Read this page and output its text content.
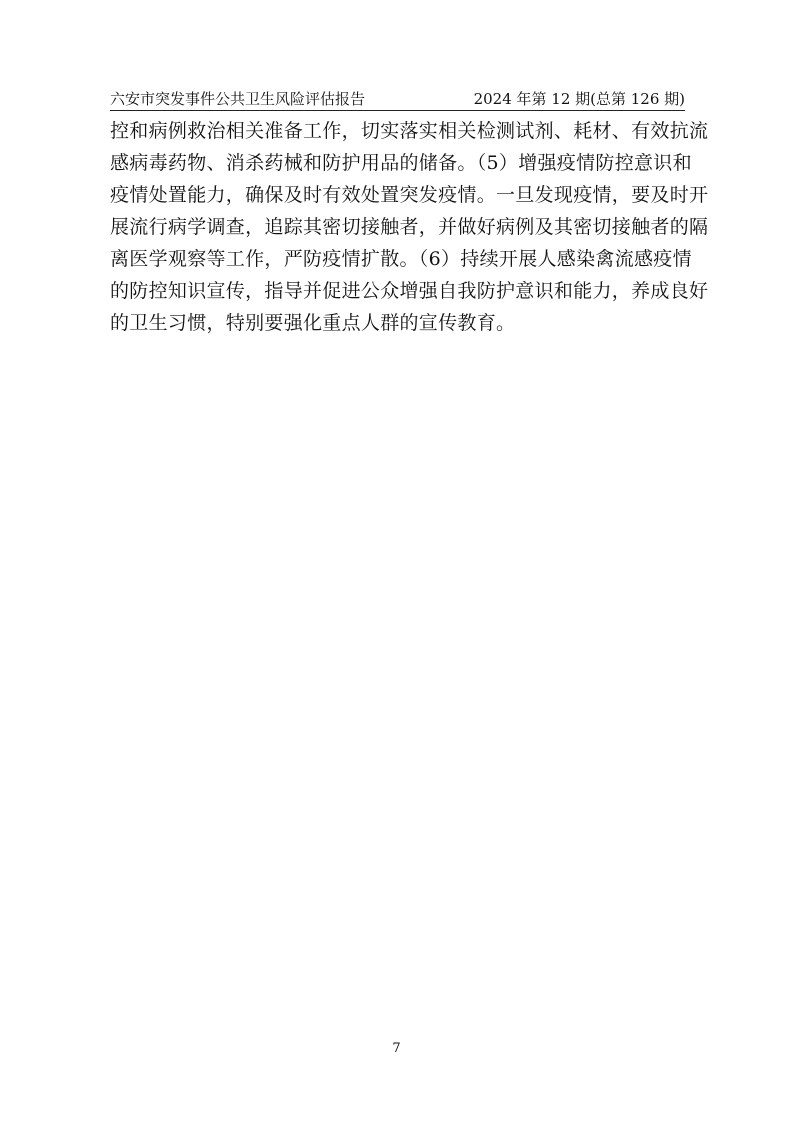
六安市突发事件公共卫生风险评估报告	2024 年第 12 期(总第 126 期)
控和病例救治相关准备工作，切实落实相关检测试剂、耗材、有效抗流
感病毒药物、消杀药械和防护用品的储备。（5）增强疫情防控意识和
疫情处置能力，确保及时有效处置突发疫情。一旦发现疫情，要及时开
展流行病学调查，追踪其密切接触者，并做好病例及其密切接触者的隔
离医学观察等工作，严防疫情扩散。（6）持续开展人感染禽流感疫情
的防控知识宣传，指导并促进公众增强自我防护意识和能力，养成良好
的卫生习惯，特别要强化重点人群的宣传教育。
7
